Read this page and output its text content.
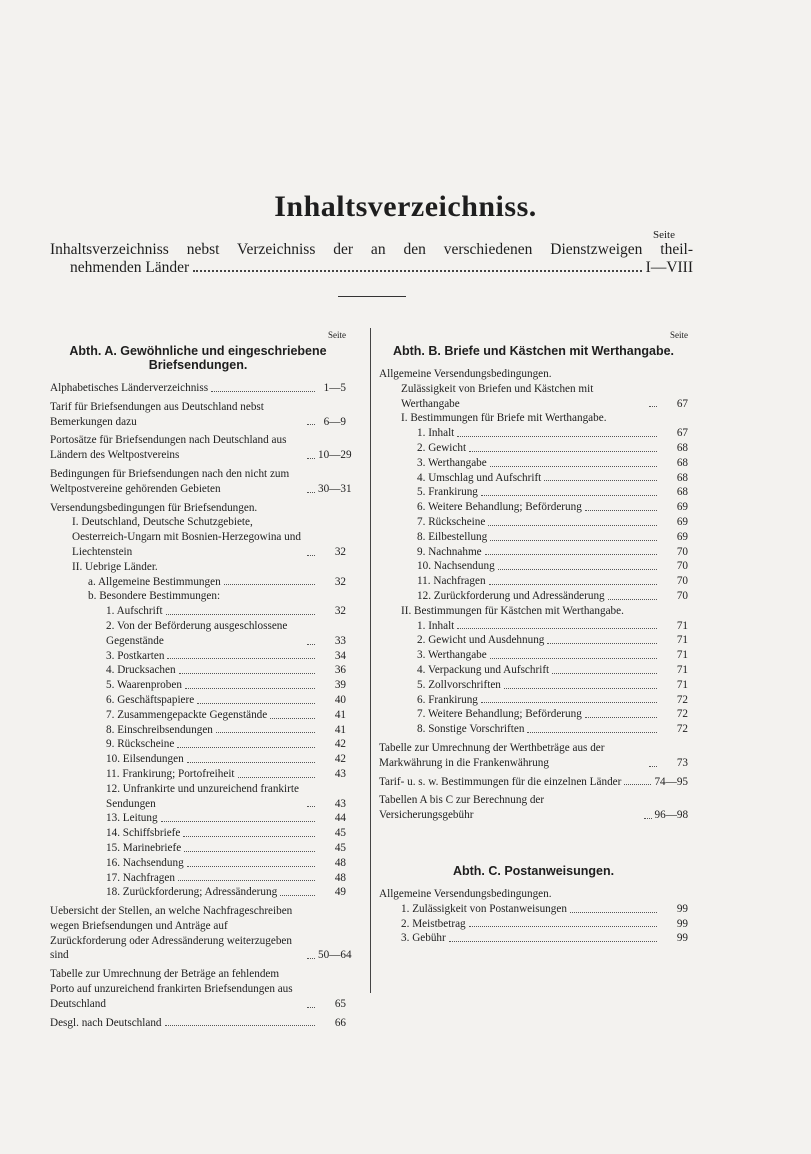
Inhaltsverzeichniss.
Seite
Inhaltsverzeichniss nebst Verzeichniss der an den verschiedenen Dienstzweigen theil-
nehmenden Länder	I—VIII
Seite
Abth. A. Gewöhnliche und eingeschriebene Briefsendungen.
Alphabetisches Länderverzeichniss	1—5
Tarif für Briefsendungen aus Deutschland nebst Bemerkungen dazu	6—9
Portosätze für Briefsendungen nach Deutschland aus Ländern des Weltpostvereins	10—29
Bedingungen für Briefsendungen nach den nicht zum Weltpostvereine gehörenden Gebieten	30—31
Versendungsbedingungen für Briefsendungen.
I. Deutschland, Deutsche Schutzgebiete, Oesterreich-Ungarn mit Bosnien-Herzegowina und Liechtenstein	32
II. Uebrige Länder.
a. Allgemeine Bestimmungen	32
b. Besondere Bestimmungen:
1. Aufschrift	32
2. Von der Beförderung ausgeschlossene Gegenstände	33
3. Postkarten	34
4. Drucksachen	36
5. Waarenproben	39
6. Geschäftspapiere	40
7. Zusammengepackte Gegenstände	41
8. Einschreibsendungen	41
9. Rückscheine	42
10. Eilsendungen	42
11. Frankirung; Portofreiheit	43
12. Unfrankirte und unzureichend frankirte Sendungen	43
13. Leitung	44
14. Schiffsbriefe	45
15. Marinebriefe	45
16. Nachsendung	48
17. Nachfragen	48
18. Zurückforderung; Adressänderung	49
Uebersicht der Stellen, an welche Nachfrageschreiben wegen Briefsendungen und Anträge auf Zurückforderung oder Adressänderung weiterzugeben sind	50—64
Tabelle zur Umrechnung der Beträge an fehlendem Porto auf unzureichend frankirten Briefsendungen aus Deutschland	65
Desgl. nach Deutschland	66
Seite
Abth. B. Briefe und Kästchen mit Werthangabe.
Allgemeine Versendungsbedingungen.
Zulässigkeit von Briefen und Kästchen mit Werthangabe	67
I. Bestimmungen für Briefe mit Werthangabe.
1. Inhalt	67
2. Gewicht	68
3. Werthangabe	68
4. Umschlag und Aufschrift	68
5. Frankirung	68
6. Weitere Behandlung; Beförderung	69
7. Rückscheine	69
8. Eilbestellung	69
9. Nachnahme	70
10. Nachsendung	70
11. Nachfragen	70
12. Zurückforderung und Adressänderung	70
II. Bestimmungen für Kästchen mit Werthangabe.
1. Inhalt	71
2. Gewicht und Ausdehnung	71
3. Werthangabe	71
4. Verpackung und Aufschrift	71
5. Zollvorschriften	71
6. Frankirung	72
7. Weitere Behandlung; Beförderung	72
8. Sonstige Vorschriften	72
Tabelle zur Umrechnung der Werthbeträge aus der Markwährung in die Frankenwährung	73
Tarif- u. s. w. Bestimmungen für die einzelnen Länder	74—95
Tabellen A bis C zur Berechnung der Versicherungsgebühr	96—98
Abth. C. Postanweisungen.
Allgemeine Versendungsbedingungen.
1. Zulässigkeit von Postanweisungen	99
2. Meistbetrag	99
3. Gebühr	99
